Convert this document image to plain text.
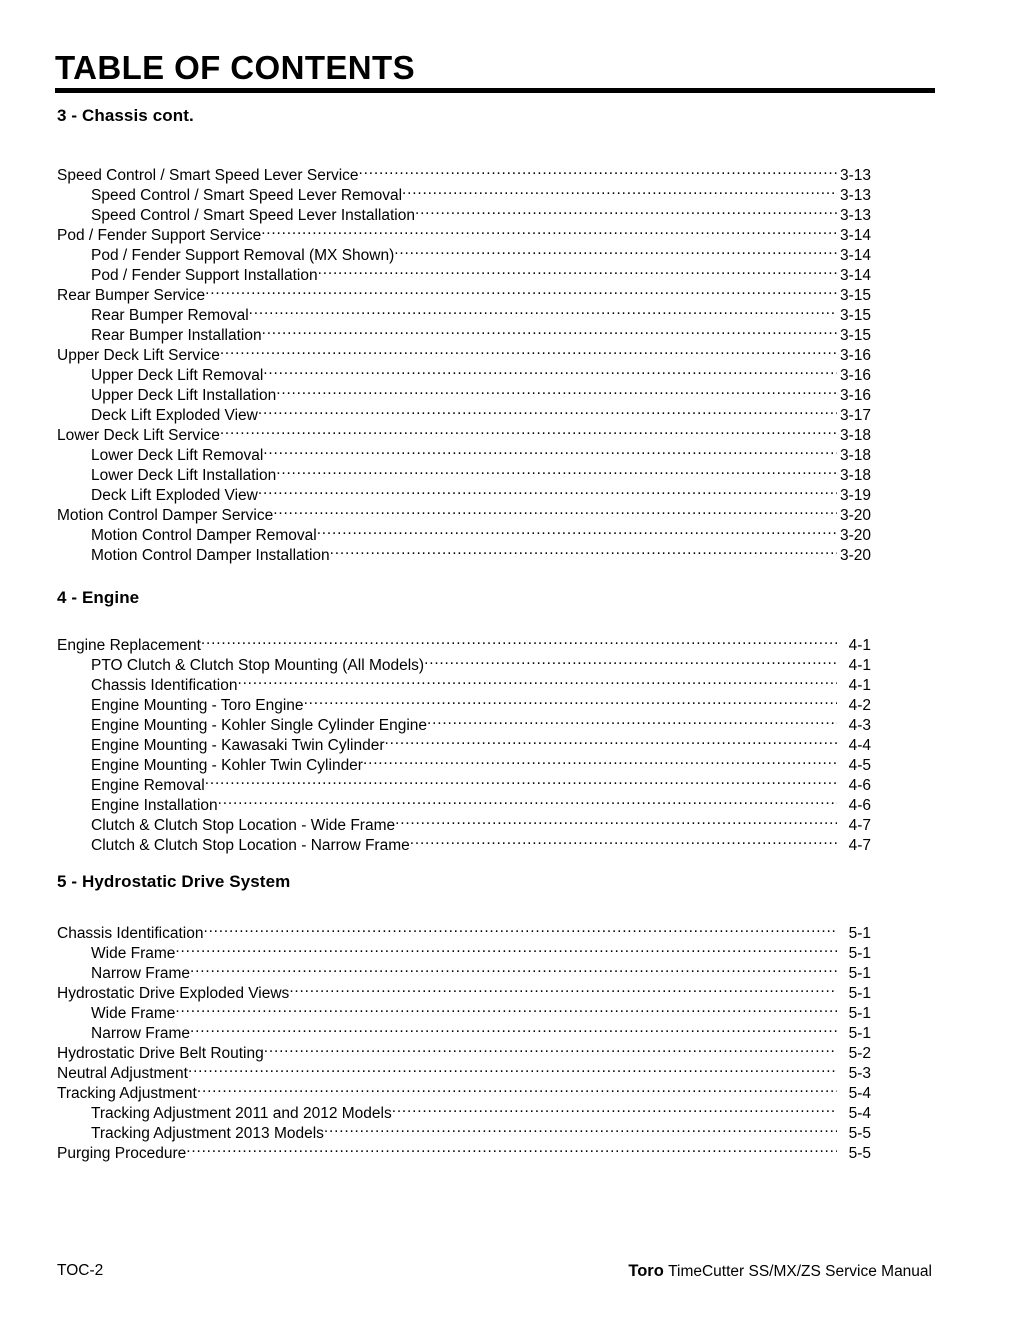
TABLE OF CONTENTS
3 - Chassis cont.
Speed Control / Smart Speed Lever Service .....	3-13
Speed Control / Smart Speed Lever Removal .....	3-13
Speed Control / Smart Speed Lever Installation .....	3-13
Pod / Fender Support Service .....	3-14
Pod / Fender Support Removal (MX Shown) .....	3-14
Pod / Fender Support Installation .....	3-14
Rear Bumper Service .....	3-15
Rear Bumper Removal .....	3-15
Rear Bumper Installation .....	3-15
Upper Deck Lift Service .....	3-16
Upper Deck Lift Removal .....	3-16
Upper Deck Lift Installation .....	3-16
Deck Lift Exploded View .....	3-17
Lower Deck Lift Service .....	3-18
Lower Deck Lift Removal .....	3-18
Lower Deck Lift Installation .....	3-18
Deck Lift Exploded View .....	3-19
Motion Control Damper Service .....	3-20
Motion Control Damper Removal .....	3-20
Motion Control Damper Installation .....	3-20
4 - Engine
Engine Replacement .....	4-1
PTO Clutch & Clutch Stop Mounting (All Models) .....	4-1
Chassis Identification .....	4-1
Engine Mounting - Toro Engine .....	4-2
Engine Mounting - Kohler Single Cylinder Engine .....	4-3
Engine Mounting - Kawasaki Twin Cylinder .....	4-4
Engine Mounting - Kohler Twin Cylinder .....	4-5
Engine Removal .....	4-6
Engine Installation .....	4-6
Clutch & Clutch Stop Location - Wide Frame .....	4-7
Clutch & Clutch Stop Location - Narrow Frame .....	4-7
5 - Hydrostatic Drive System
Chassis Identification .....	5-1
Wide Frame .....	5-1
Narrow Frame .....	5-1
Hydrostatic Drive Exploded Views .....	5-1
Wide Frame .....	5-1
Narrow Frame .....	5-1
Hydrostatic Drive Belt Routing .....	5-2
Neutral Adjustment .....	5-3
Tracking Adjustment .....	5-4
Tracking Adjustment 2011 and 2012 Models .....	5-4
Tracking Adjustment 2013 Models .....	5-5
Purging Procedure .....	5-5
TOC-2	Toro TimeCutter SS/MX/ZS Service Manual
